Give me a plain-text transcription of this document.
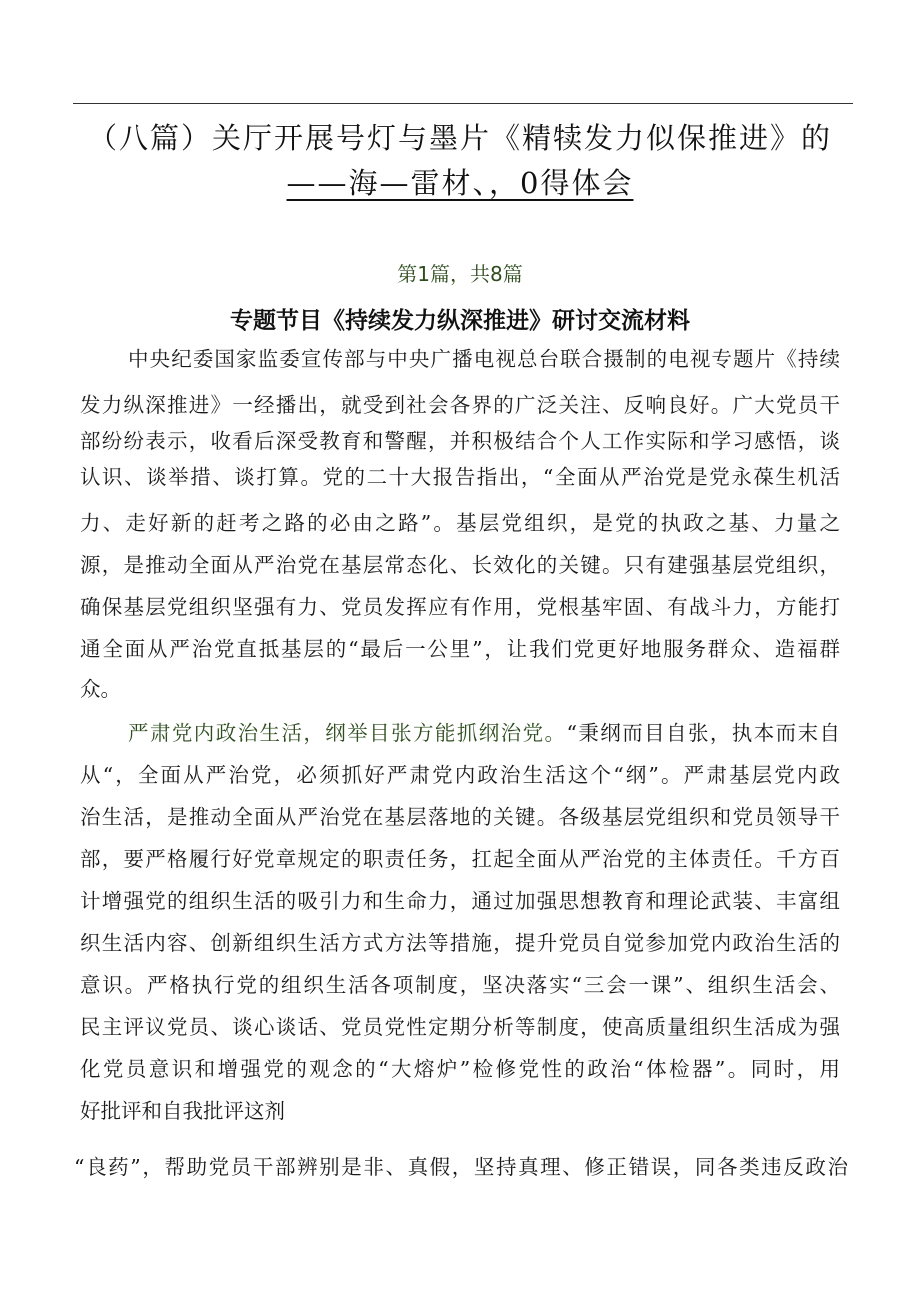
（八篇）关厅开展号灯与墨片《精犊发力似保推进》的
——海—雷材、，0得体会
第1篇，共8篇
专题节目《持续发力纵深推进》研讨交流材料
中央纪委国家监委宣传部与中央广播电视总台联合摄制的电视专题片《持续
发力纵深推进》一经播出，就受到社会各界的广泛关注、反响良好。广大党员干
部纷纷表示，收看后深受教育和警醒，并积极结合个人工作实际和学习感悟，谈
认识、谈举措、谈打算。党的二十大报告指出，“全面从严治党是党永葆生机活
力、走好新的赶考之路的必由之路”。基层党组织，是党的执政之基、力量之
源，是推动全面从严治党在基层常态化、长效化的关键。只有建强基层党组织，
确保基层党组织坚强有力、党员发挥应有作用，党根基牢固、有战斗力，方能打
通全面从严治党直抵基层的“最后一公里”，让我们党更好地服务群众、造福群
众。
严肃党内政治生活，纲举目张方能抓纲治党。“秉纲而目自张，执本而末自
从“，全面从严治党，必须抓好严肃党内政治生活这个“纲”。严肃基层党内政
治生活，是推动全面从严治党在基层落地的关键。各级基层党组织和党员领导干
部，要严格履行好党章规定的职责任务，扛起全面从严治党的主体责任。千方百
计增强党的组织生活的吸引力和生命力，通过加强思想教育和理论武装、丰富组
织生活内容、创新组织生活方式方法等措施，提升党员自觉参加党内政治生活的
意识。严格执行党的组织生活各项制度，坚决落实“三会一课”、组织生活会、
民主评议党员、谈心谈话、党员党性定期分析等制度，使高质量组织生活成为强
化党员意识和增强党的观念的“大熔炉”检修党性的政治“体检器”。同时，用
好批评和自我批评这剂
“良药”，帮助党员干部辨别是非、真假，坚持真理、修正错误，同各类违反政治
